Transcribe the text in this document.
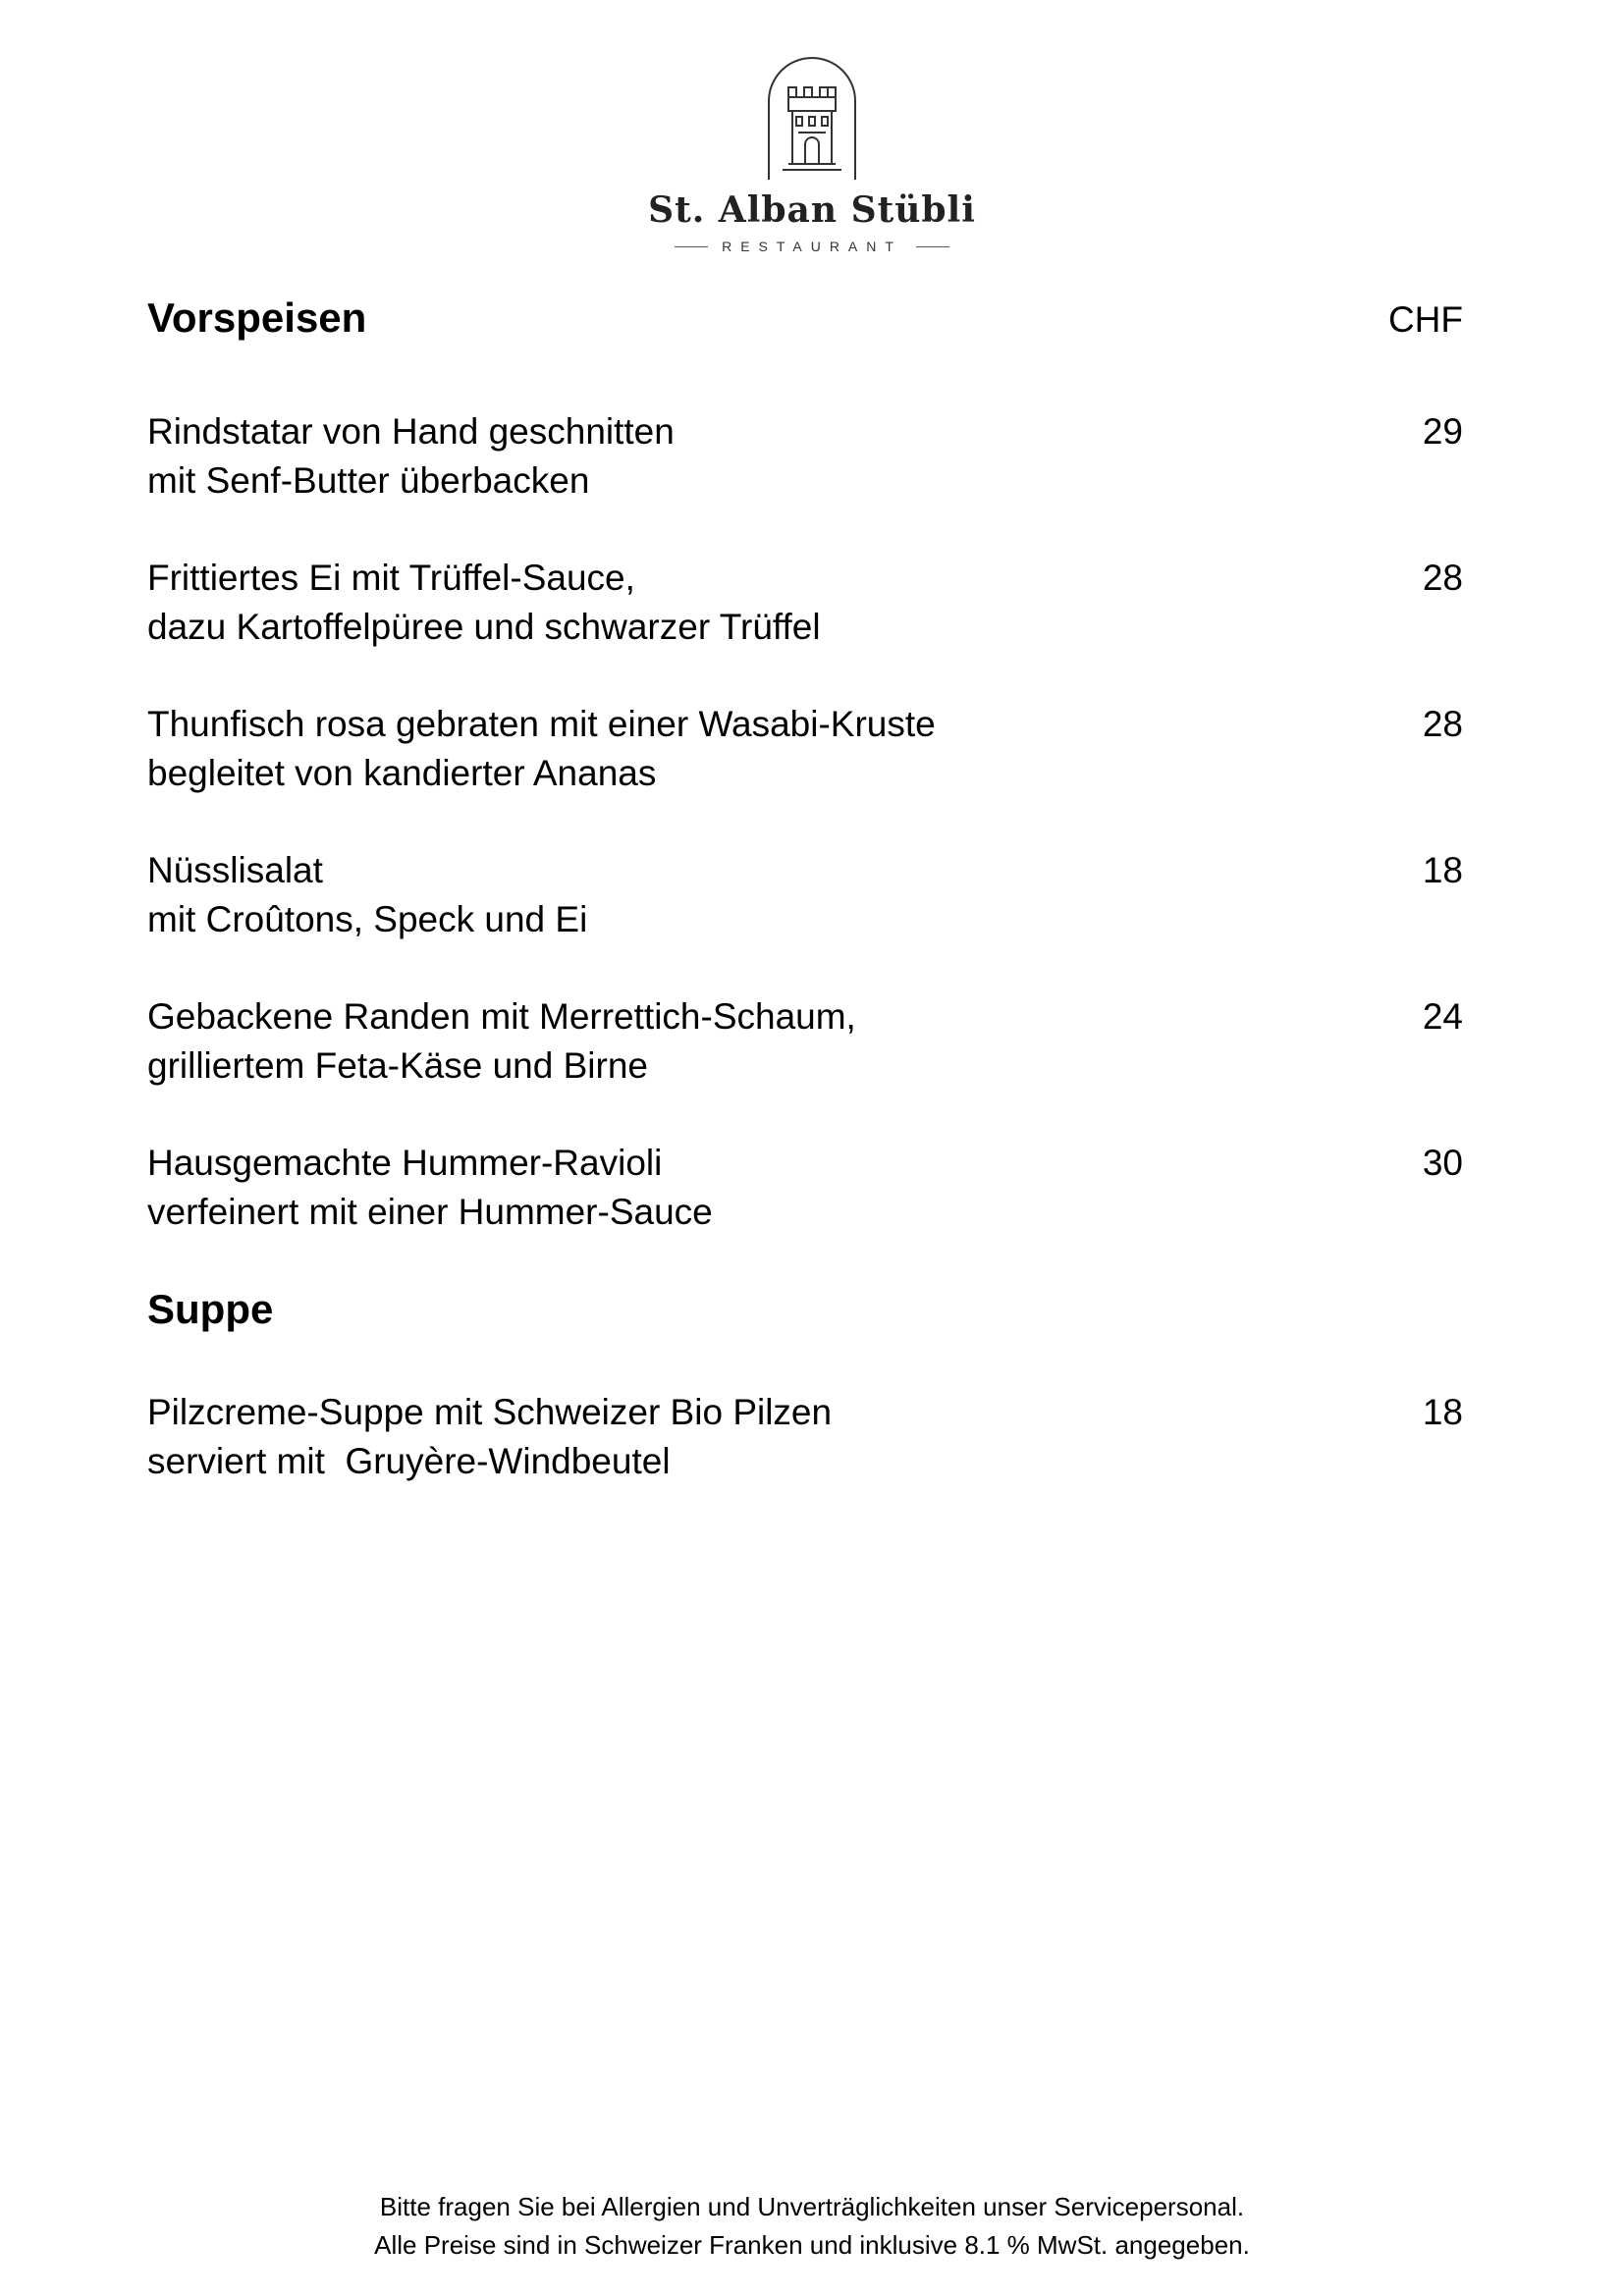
St. Alban Stübli
RESTAURANT
Vorspeisen	CHF
Rindstatar von Hand geschnitten
mit Senf-Butter überbacken
29
Frittiertes Ei mit Trüffel-Sauce,
dazu Kartoffelpüree und schwarzer Trüffel
28
Thunfisch rosa gebraten mit einer Wasabi-Kruste
begleitet von kandierter Ananas
28
Nüsslisalat
mit Croûtons, Speck und Ei
18
Gebackene Randen mit Merrettich-Schaum,
grilliertem Feta-Käse und Birne
24
Hausgemachte Hummer-Ravioli
verfeinert mit einer Hummer-Sauce
30
Suppe
Pilzcreme-Suppe mit Schweizer Bio Pilzen
serviert mit  Gruyère-Windbeutel
18
Bitte fragen Sie bei Allergien und Unverträglichkeiten unser Servicepersonal.
Alle Preise sind in Schweizer Franken und inklusive 8.1 % MwSt. angegeben.
